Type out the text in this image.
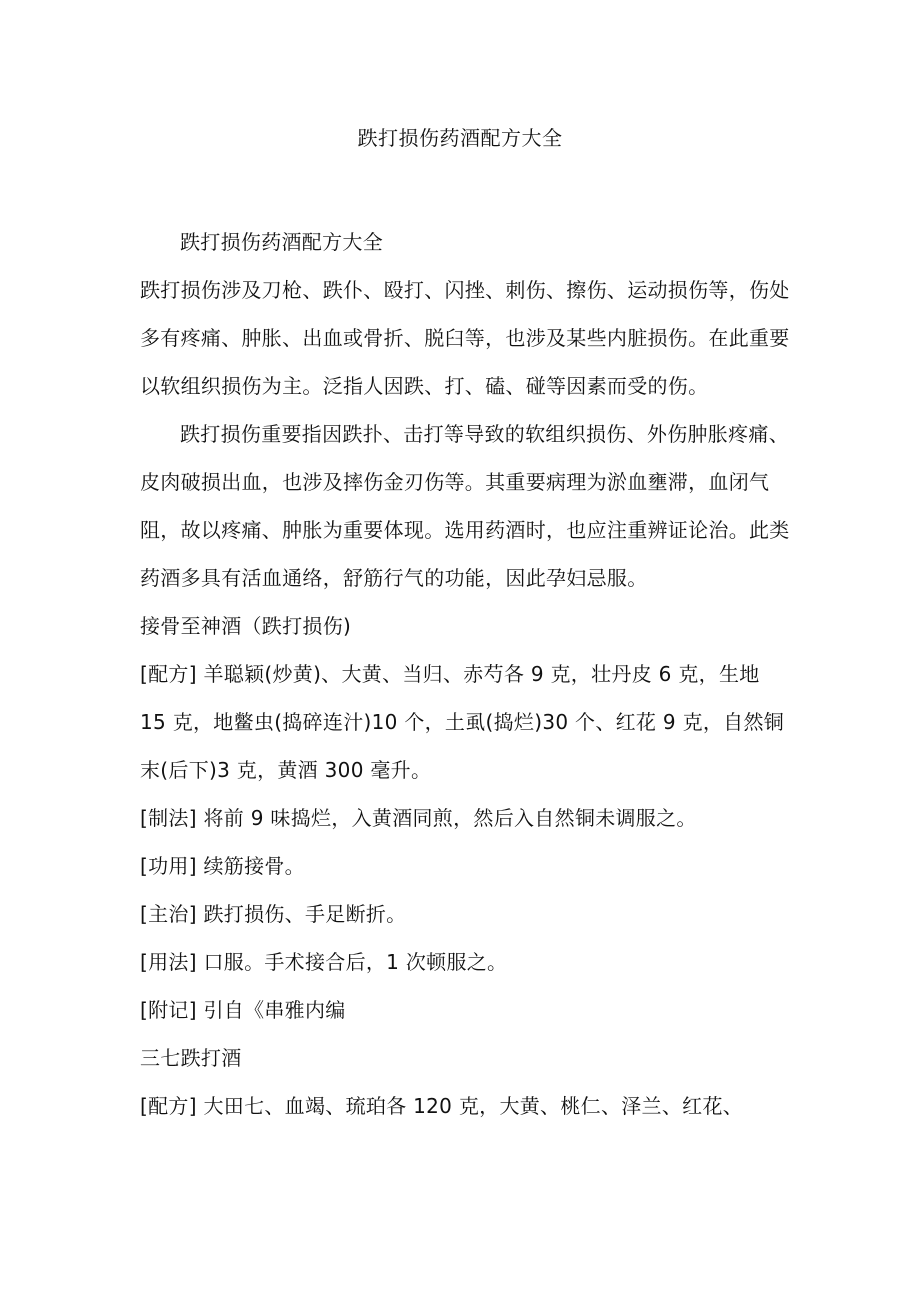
跌打损伤药酒配方大全

跌打损伤药酒配方大全

跌打损伤涉及刀枪、跌仆、殴打、闪挫、刺伤、擦伤、运动损伤等，伤处多有疼痛、肿胀、出血或骨折、脱臼等，也涉及某些内脏损伤。在此重要以软组织损伤为主。泛指人因跌、打、磕、碰等因素而受的伤。

跌打损伤重要指因跌扑、击打等导致的软组织损伤、外伤肿胀疼痛、皮肉破损出血，也涉及摔伤金刃伤等。其重要病理为淤血壅滞，血闭气阻，故以疼痛、肿胀为重要体现。选用药酒时，也应注重辨证论治。此类药酒多具有活血通络，舒筋行气的功能，因此孕妇忌服。

接骨至神酒（跌打损伤)

[配方] 羊聪颖(炒黄)、大黄、当归、赤芍各 9 克，壮丹皮 6 克，生地 15 克，地鳖虫(捣碎连汁)10 个，土虱(捣烂)30 个、红花 9 克，自然铜末(后下)3 克，黄酒 300 毫升。

[制法] 将前 9 味捣烂，入黄酒同煎，然后入自然铜未调服之。

[功用] 续筋接骨。

[主治] 跌打损伤、手足断折。

[用法] 口服。手术接合后，1 次顿服之。

[附记] 引自《串雅内编

三七跌打酒

[配方] 大田七、血竭、琉珀各 120 克，大黄、桃仁、泽兰、红花、
